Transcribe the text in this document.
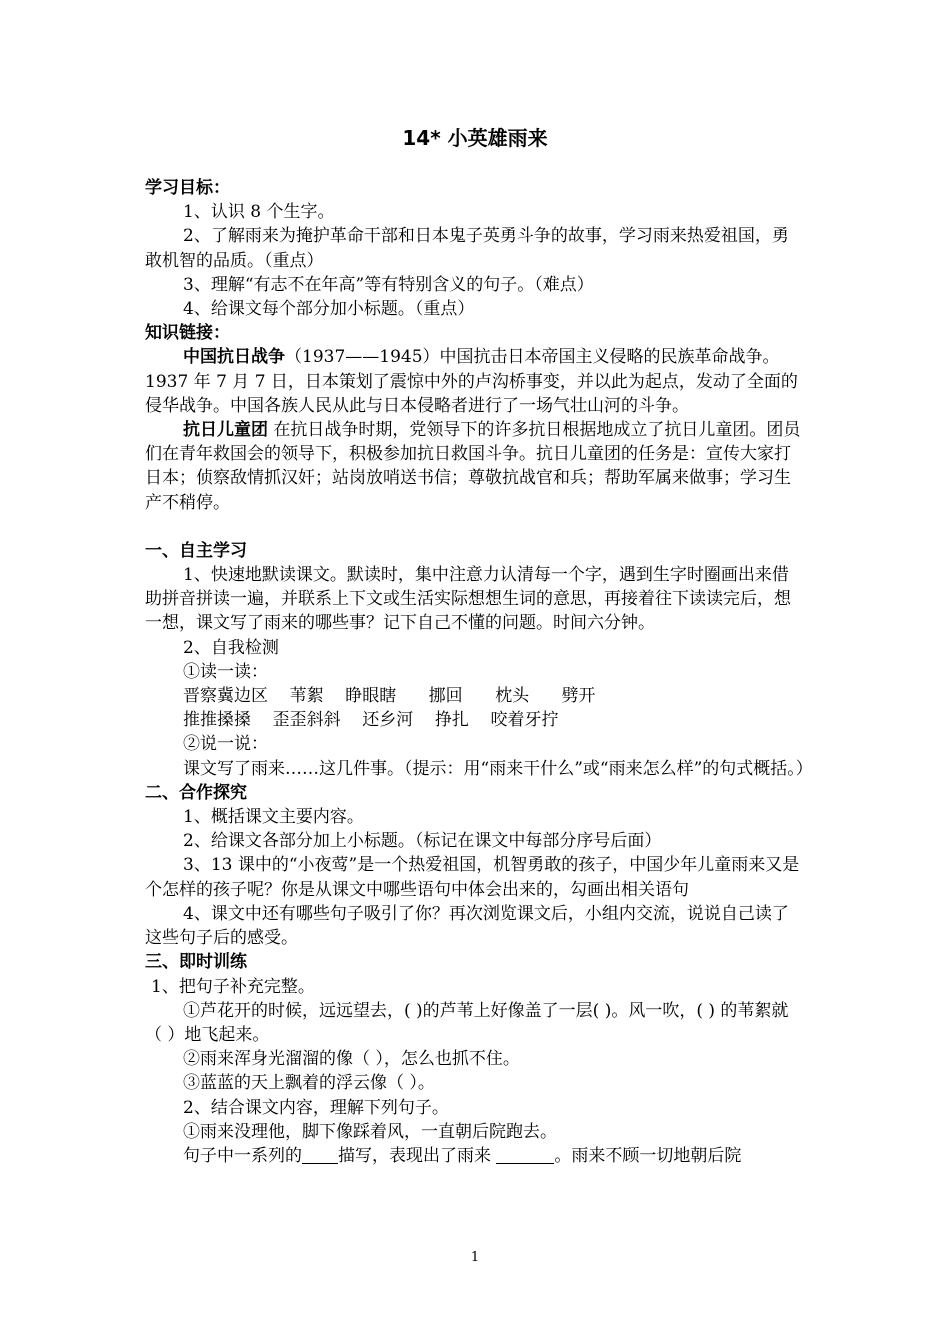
14* 小英雄雨来

学习目标：

1、认识 8 个生字。

2、了解雨来为掩护革命干部和日本鬼子英勇斗争的故事，学习雨来热爱祖国，勇敢机智的品质。（重点）

3、理解“有志不在年高”等有特别含义的句子。（难点）

4、给课文每个部分加小标题。（重点）

知识链接：

中国抗日战争（1937——1945）中国抗击日本帝国主义侵略的民族革命战争。1937 年 7 月 7 日，日本策划了震惊中外的卢沟桥事变，并以此为起点，发动了全面的侵华战争。中国各族人民从此与日本侵略者进行了一场气壮山河的斗争。

抗日儿童团 在抗日战争时期，党领导下的许多抗日根据地成立了抗日儿童团。团员们在青年救国会的领导下，积极参加抗日救国斗争。抗日儿童团的任务是：宣传大家打日本；侦察敌情抓汉奸；站岗放哨送书信；尊敬抗战官和兵；帮助军属来做事；学习生产不稍停。

一、自主学习

1、快速地默读课文。默读时，集中注意力认清每一个字，遇到生字时圈画出来借助拼音拼读一遍，并联系上下文或生活实际想想生词的意思，再接着往下读读完后，想一想，课文写了雨来的哪些事？记下自己不懂的问题。时间六分钟。

2、自我检测

①读一读：

晋察冀边区    苇絮    睁眼瞎      挪回      枕头      劈开

推推搡搡    歪歪斜斜    还乡河    挣扎    咬着牙拧

②说一说：

课文写了雨来……这几件事。（提示：用“雨来干什么”或“雨来怎么样”的句式概括。）

二、合作探究

1、概括课文主要内容。

2、给课文各部分加上小标题。（标记在课文中每部分序号后面）

3、13 课中的“小夜莺”是一个热爱祖国，机智勇敢的孩子，中国少年儿童雨来又是个怎样的孩子呢？你是从课文中哪些语句中体会出来的，勾画出相关语句

4、课文中还有哪些句子吸引了你？再次浏览课文后，小组内交流，说说自己读了这些句子后的感受。

三、即时训练

1、把句子补充完整。

①芦花开的时候，远远望去，( )的芦苇上好像盖了一层( )。风一吹，( ) 的苇絮就（ ）地飞起来。

②雨来浑身光溜溜的像（ ），怎么也抓不住。

③蓝蓝的天上飘着的浮云像（ ）。

2、结合课文内容，理解下列句子。

①雨来没理他，脚下像踩着风，一直朝后院跑去。

句子中一系列的 描写，表现出了雨来	。雨来不顾一切地朝后院

1
